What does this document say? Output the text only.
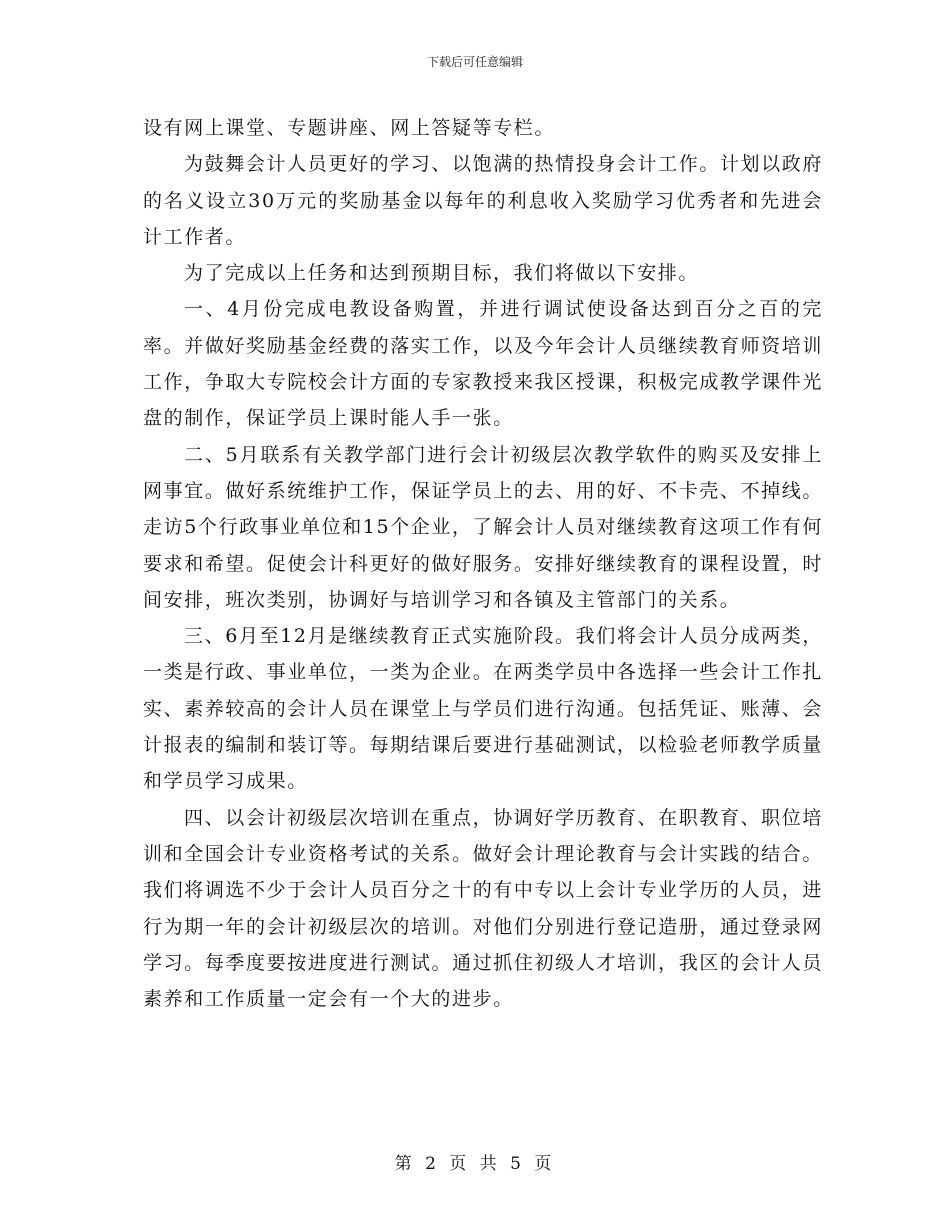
下载后可任意编辑

设有网上课堂、专题讲座、网上答疑等专栏。

为鼓舞会计人员更好的学习、以饱满的热情投身会计工作。计划以政府的名义设立30万元的奖励基金以每年的利息收入奖励学习优秀者和先进会计工作者。

为了完成以上任务和达到预期目标，我们将做以下安排。

一、4月份完成电教设备购置，并进行调试使设备达到百分之百的完率。并做好奖励基金经费的落实工作，以及今年会计人员继续教育师资培训工作，争取大专院校会计方面的专家教授来我区授课，积极完成教学课件光盘的制作，保证学员上课时能人手一张。

二、5月联系有关教学部门进行会计初级层次教学软件的购买及安排上网事宜。做好系统维护工作，保证学员上的去、用的好、不卡壳、不掉线。走访5个行政事业单位和15个企业，了解会计人员对继续教育这项工作有何要求和希望。促使会计科更好的做好服务。安排好继续教育的课程设置，时间安排，班次类别，协调好与培训学习和各镇及主管部门的关系。

三、6月至12月是继续教育正式实施阶段。我们将会计人员分成两类，一类是行政、事业单位，一类为企业。在两类学员中各选择一些会计工作扎实、素养较高的会计人员在课堂上与学员们进行沟通。包括凭证、账薄、会计报表的编制和装订等。每期结课后要进行基础测试，以检验老师教学质量和学员学习成果。

四、以会计初级层次培训在重点，协调好学历教育、在职教育、职位培训和全国会计专业资格考试的关系。做好会计理论教育与会计实践的结合。我们将调选不少于会计人员百分之十的有中专以上会计专业学历的人员，进行为期一年的会计初级层次的培训。对他们分别进行登记造册，通过登录网学习。每季度要按进度进行测试。通过抓住初级人才培训，我区的会计人员素养和工作质量一定会有一个大的进步。

第 2 页 共 5 页
